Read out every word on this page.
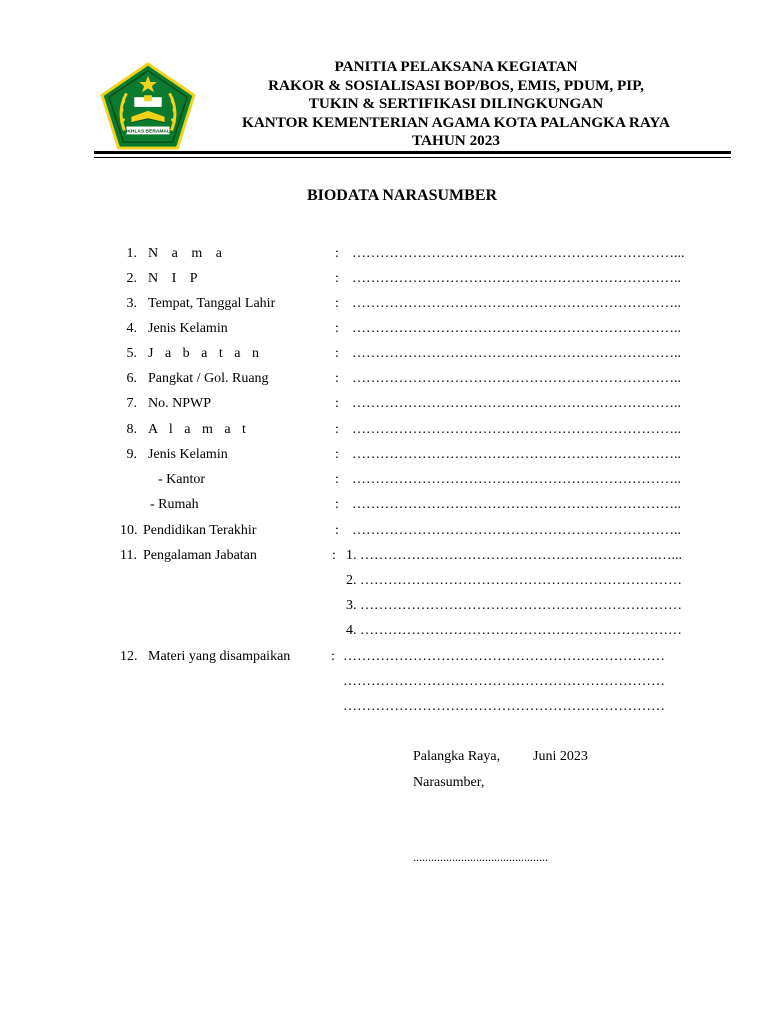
IKHLAS BERAMAL
PANITIA PELAKSANA KEGIATAN
RAKOR & SOSIALISASI BOP/BOS, EMIS, PDUM, PIP,
TUKIN & SERTIFIKASI DILINGKUNGAN
KANTOR KEMENTERIAN AGAMA KOTA PALANGKA RAYA
TAHUN 2023
BIODATA NARASUMBER
1. N a m a	: ……………………………………………………………...
2. N I P	: ……………………………………………………………..
3. Tempat, Tanggal Lahir	: ……………………………………………………………..
4. Jenis Kelamin	: ……………………………………………………………..
5. J a b a t a n	: ……………………………………………………………..
6. Pangkat / Gol. Ruang	: ……………………………………………………………..
7. No. NPWP	: ……………………………………………………………..
8. A l a m a t	: ……………………………………………………………..
9. Jenis Kelamin	: ……………………………………………………………..
- Kantor	: ……………………………………………………………..
- Rumah	: ……………………………………………………………..
10. Pendidikan Terakhir	: ……………………………………………………………..
11. Pengalaman Jabatan	: 1. ……………………………………………………….…...
2. ……………………………………………………………
3. ……………………………………………………………
4. ……………………………………………………………
12. Materi yang disampaikan	: ……………………………………………………………
……………………………………………………………
……………………………………………………………
Palangka Raya, Juni 2023
Narasumber,
.............................................
